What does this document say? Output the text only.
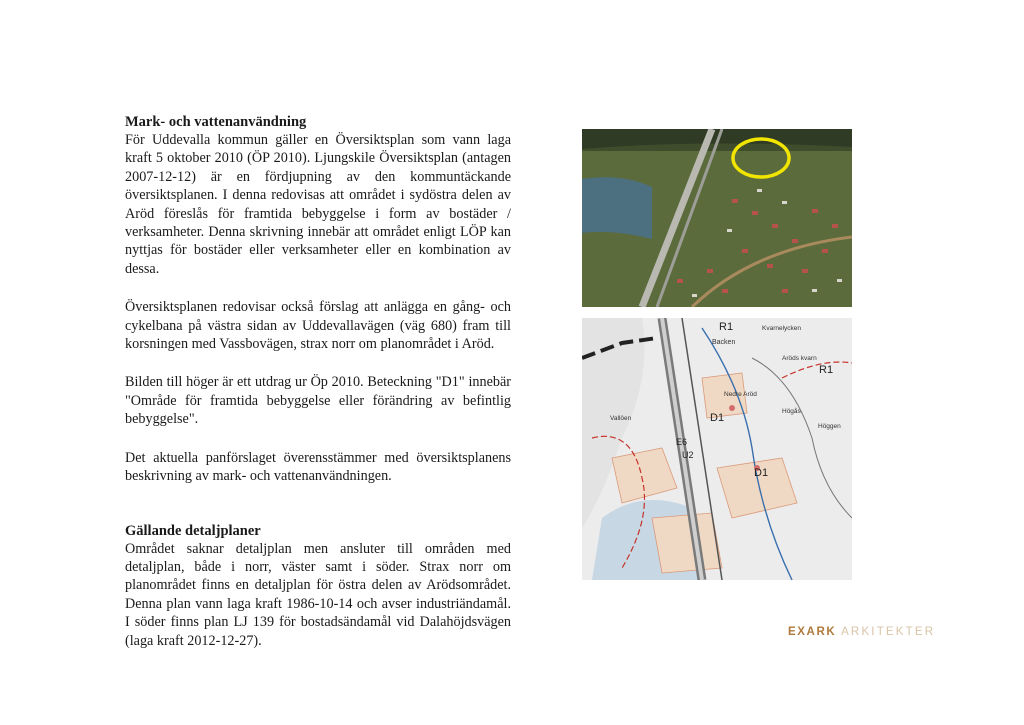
Mark- och vattenanvändning

För Uddevalla kommun gäller en Översiktsplan som vann laga kraft 5 oktober 2010 (ÖP 2010). Ljungskile Översiktsplan (antagen 2007-12-12) är en fördjupning av den kommuntäckande översiktsplanen. I denna redovisas att området i sydöstra delen av Aröd föreslås för framtida bebyggelse i form av bostäder / verksamheter. Denna skrivning innebär att området enligt LÖP kan nyttjas för bostäder eller verksamheter eller en kombination av dessa.

Översiktsplanen redovisar också förslag att anlägga en gång- och cykelbana på västra sidan av Uddevallavägen (väg 680) fram till korsningen med Vassbovägen, strax norr om planområdet i Aröd.

Bilden till höger är ett utdrag ur Öp 2010. Beteckning "D1" innebär "Område för framtida bebyggelse eller förändring av befintlig bebyggelse".

Det aktuella panförslaget överensstämmer med översiktsplanens beskrivning av mark- och vattenanvändningen.

Gällande detaljplaner

Området saknar detaljplan men ansluter till områden med detaljplan, både i norr, väster samt i söder. Strax norr om planområdet finns en detaljplan för östra delen av Arödsområdet. Denna plan vann laga kraft 1986-10-14 och avser industriändamål. I söder finns plan LJ 139 för bostadsändamål vid Dalahöjdsvägen (laga kraft 2012-12-27).

R1
R1
D1
D1
E6
U2
Backen
Kvarnelycken
Aröds kvarn
Vallöen
Högås
Nedre Aröd
Höggen
EXARK ARKITEKTER
